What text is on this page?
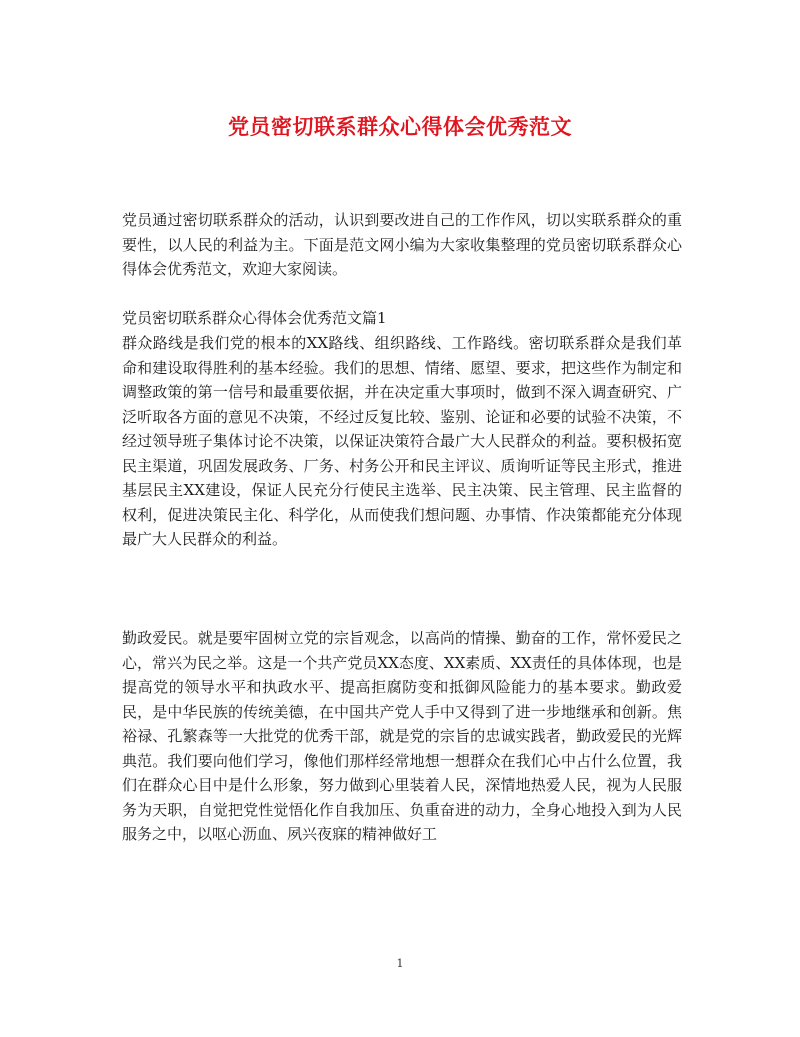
党员密切联系群众心得体会优秀范文

党员通过密切联系群众的活动，认识到要改进自己的工作作风，切以实联系群众的重要性，以人民的利益为主。下面是范文网小编为大家收集整理的党员密切联系群众心得体会优秀范文，欢迎大家阅读。

党员密切联系群众心得体会优秀范文篇1

群众路线是我们党的根本的XX路线、组织路线、工作路线。密切联系群众是我们革命和建设取得胜利的基本经验。我们的思想、情绪、愿望、要求，把这些作为制定和调整政策的第一信号和最重要依据，并在决定重大事项时，做到不深入调查研究、广泛听取各方面的意见不决策，不经过反复比较、鉴别、论证和必要的试验不决策，不经过领导班子集体讨论不决策，以保证决策符合最广大人民群众的利益。要积极拓宽民主渠道，巩固发展政务、厂务、村务公开和民主评议、质询听证等民主形式，推进基层民主XX建设，保证人民充分行使民主选举、民主决策、民主管理、民主监督的权利，促进决策民主化、科学化，从而使我们想问题、办事情、作决策都能充分体现最广大人民群众的利益。

勤政爱民。就是要牢固树立党的宗旨观念，以高尚的情操、勤奋的工作，常怀爱民之心，常兴为民之举。这是一个共产党员XX态度、XX素质、XX责任的具体体现，也是提高党的领导水平和执政水平、提高拒腐防变和抵御风险能力的基本要求。勤政爱民，是中华民族的传统美德，在中国共产党人手中又得到了进一步地继承和创新。焦裕禄、孔繁森等一大批党的优秀干部，就是党的宗旨的忠诚实践者，勤政爱民的光辉典范。我们要向他们学习，像他们那样经常地想一想群众在我们心中占什么位置，我们在群众心目中是什么形象，努力做到心里装着人民，深情地热爱人民，视为人民服务为天职，自觉把党性觉悟化作自我加压、负重奋进的动力，全身心地投入到为人民服务之中，以呕心沥血、夙兴夜寐的精神做好工

1
